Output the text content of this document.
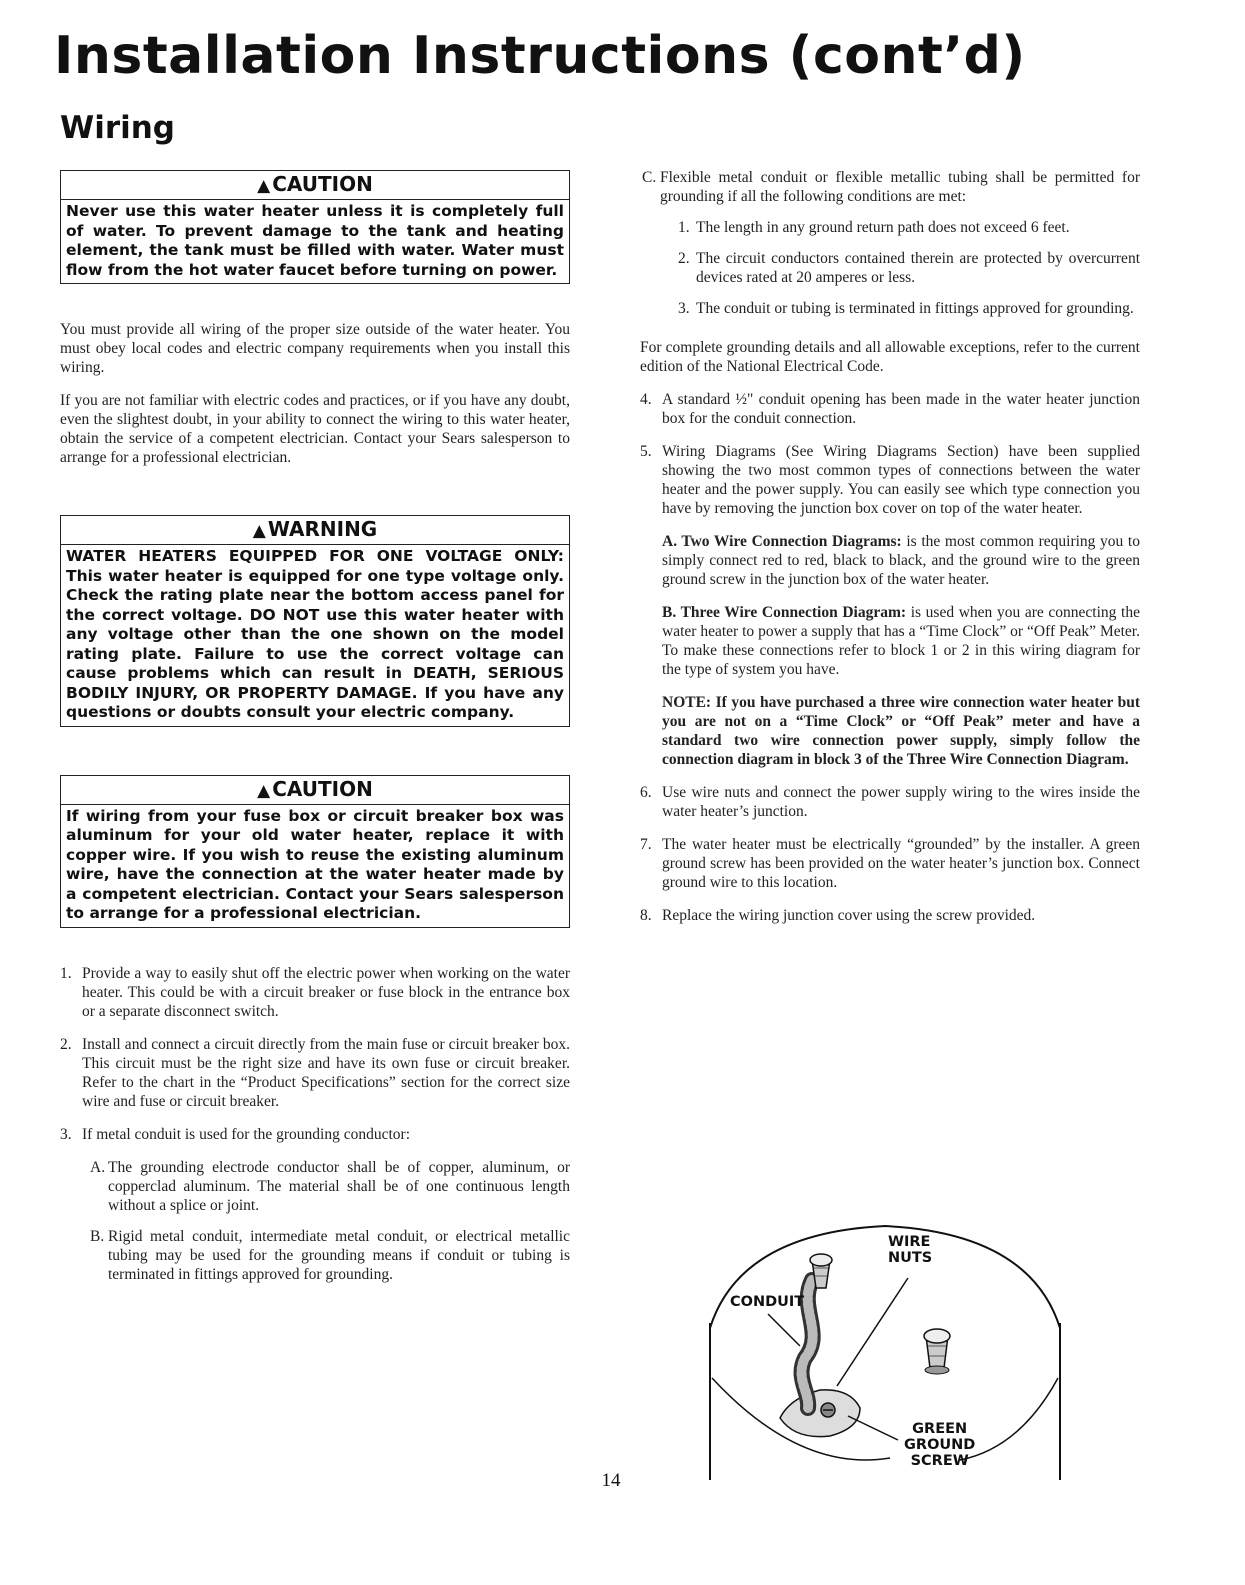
Installation Instructions (cont’d)
Wiring
▲ CAUTION
Never use this water heater unless it is completely full of water. To prevent damage to the tank and heating element, the tank must be filled with water. Water must flow from the hot water faucet before turning on power.

You must provide all wiring of the proper size outside of the water heater. You must obey local codes and electric company requirements when you install this wiring.

If you are not familiar with electric codes and practices, or if you have any doubt, even the slightest doubt, in your ability to connect the wiring to this water heater, obtain the service of a competent electrician. Contact your Sears salesperson to arrange for a professional electrician.

▲ WARNING
WATER HEATERS EQUIPPED FOR ONE VOLTAGE ONLY: This water heater is equipped for one type voltage only. Check the rating plate near the bottom access panel for the correct voltage. DO NOT use this water heater with any voltage other than the one shown on the model rating plate. Failure to use the correct voltage can cause problems which can result in DEATH, SERIOUS BODILY INJURY, OR PROPERTY DAMAGE. If you have any questions or doubts consult your electric company.
▲ CAUTION
If wiring from your fuse box or circuit breaker box was aluminum for your old water heater, replace it with copper wire. If you wish to reuse the existing aluminum wire, have the connection at the water heater made by a competent electrician. Contact your Sears salesperson to arrange for a professional electrician.
1. Provide a way to easily shut off the electric power when working on the water heater. This could be with a circuit breaker or fuse block in the entrance box or a separate disconnect switch.
2. Install and connect a circuit directly from the main fuse or circuit breaker box. This circuit must be the right size and have its own fuse or circuit breaker. Refer to the chart in the “Product Specifications” section for the correct size wire and fuse or circuit breaker.
3. If metal conduit is used for the grounding conductor:
A. The grounding electrode conductor shall be of copper, aluminum, or copperclad aluminum. The material shall be of one continuous length without a splice or joint.
B. Rigid metal conduit, intermediate metal conduit, or electrical metallic tubing may be used for the grounding means if conduit or tubing is terminated in fittings approved for grounding.
C. Flexible metal conduit or flexible metallic tubing shall be permitted for grounding if all the following conditions are met:
1. The length in any ground return path does not exceed 6 feet.
2. The circuit conductors contained therein are protected by overcurrent devices rated at 20 amperes or less.
3. The conduit or tubing is terminated in fittings approved for grounding.

For complete grounding details and all allowable exceptions, refer to the current edition of the National Electrical Code.

4. A standard ½" conduit opening has been made in the water heater junction box for the conduit connection.
5. Wiring Diagrams (See Wiring Diagrams Section) have been supplied showing the two most common types of connections between the water heater and the power supply. You can easily see which type connection you have by removing the junction box cover on top of the water heater.
A. Two Wire Connection Diagrams: is the most common requiring you to simply connect red to red, black to black, and the ground wire to the green ground screw in the junction box of the water heater.
B. Three Wire Connection Diagram: is used when you are connecting the water heater to power a supply that has a “Time Clock” or “Off Peak” Meter. To make these connections refer to block 1 or 2 in this wiring diagram for the type of system you have.
NOTE: If you have purchased a three wire connection water heater but you are not on a “Time Clock” or “Off Peak” meter and have a standard two wire connection power supply, simply follow the connection diagram in block 3 of the Three Wire Connection Diagram.
6. Use wire nuts and connect the power supply wiring to the wires inside the water heater’s junction.
7. The water heater must be electrically “grounded” by the installer. A green ground screw has been provided on the water heater’s junction box. Connect ground wire to this location.
8. Replace the wiring junction cover using the screw provided.
WIRE
NUTS
CONDUIT
GREEN
GROUND
SCREW
14
